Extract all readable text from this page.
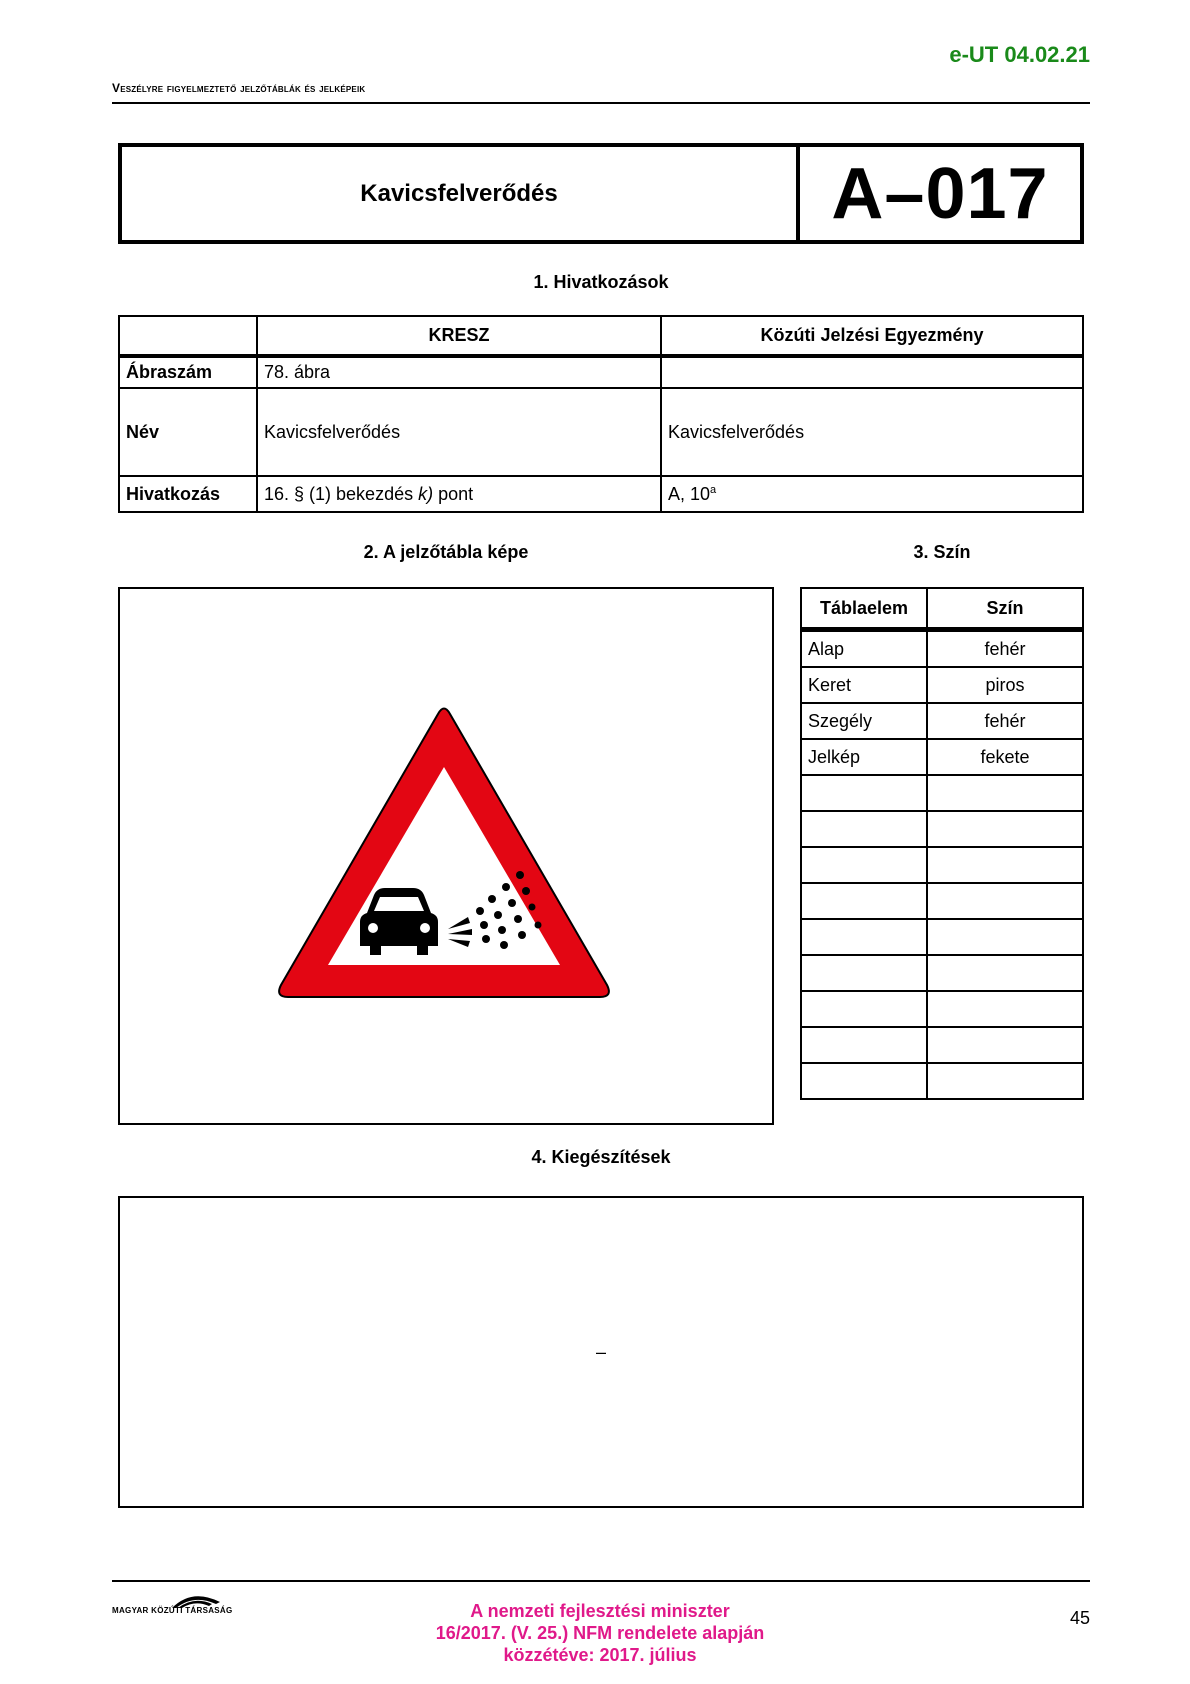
e-UT 04.02.21
Veszélyre figyelmeztető jelzőtáblák és jelképeik
Kavicsfelverődés	A–017
1. Hivatkozások
	KRESZ	Közúti Jelzési Egyezmény
Ábraszám	78. ábra	
Név	Kavicsfelverődés	Kavicsfelverődés
Hivatkozás	16. § (1) bekezdés k) pont	A, 10$^a$
2. A jelzőtábla képe	3. Szín
Táblaelem	Szín
Alap	fehér
Keret	piros
Szegély	fehér
Jelkép	fekete

4. Kiegészítések
–
MAGYAR KÖZÚTI TÁRSASÁG	A nemzeti fejlesztési miniszter
16/2017. (V. 25.) NFM rendelete alapján
közzétéve: 2017. július
45
